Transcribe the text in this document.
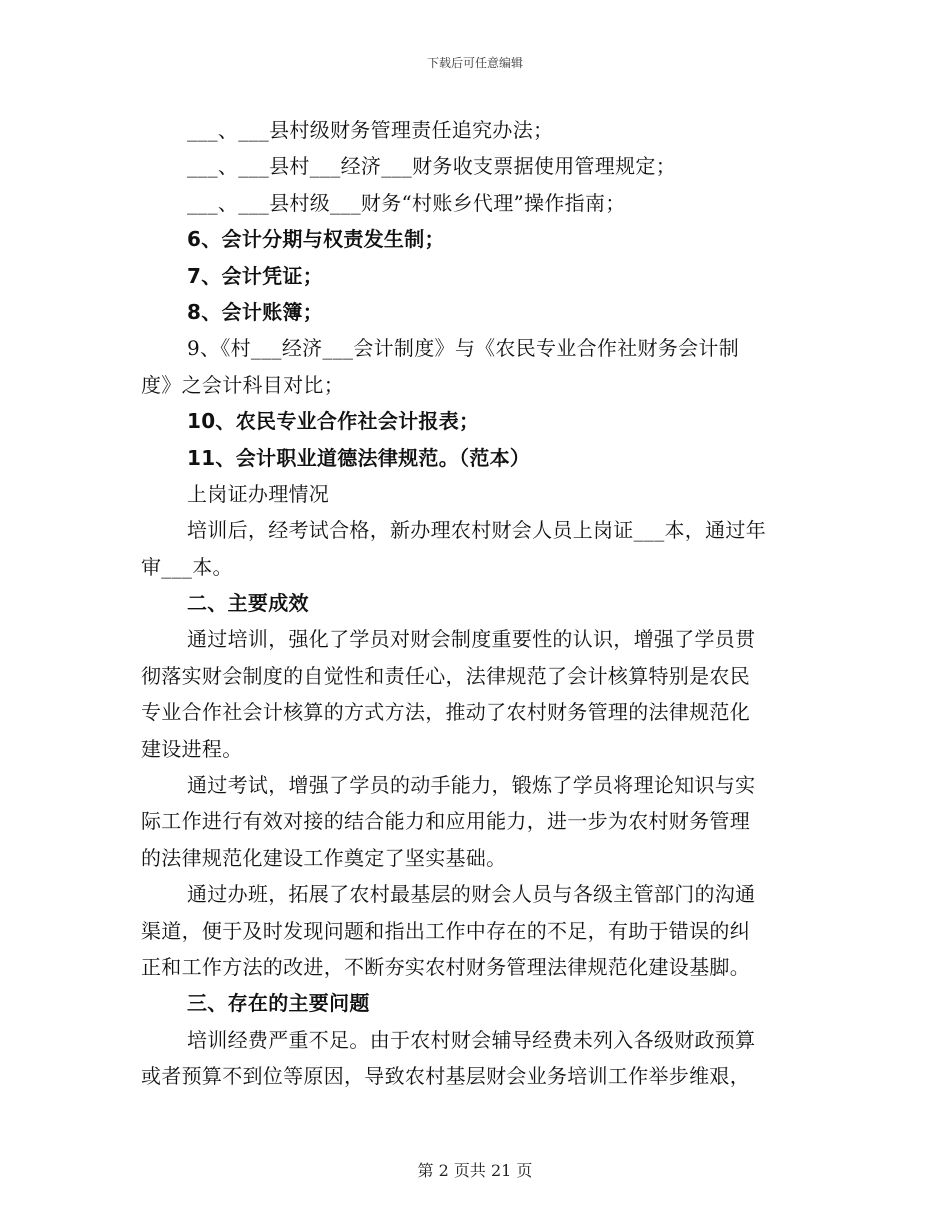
下载后可任意编辑
___、___县村级财务管理责任追究办法；
___、___县村___经济___财务收支票据使用管理规定；
___、___县村级___财务“村账乡代理”操作指南；
6、会计分期与权责发生制；
7、会计凭证；
8、会计账簿；
9、《村___经济___会计制度》与《农民专业合作社财务会计制
度》之会计科目对比；
10、农民专业合作社会计报表；
11、会计职业道德法律规范。（范本）
上岗证办理情况
培训后，经考试合格，新办理农村财会人员上岗证___本，通过年
审___本。
二、主要成效
通过培训，强化了学员对财会制度重要性的认识，增强了学员贯
彻落实财会制度的自觉性和责任心，法律规范了会计核算特别是农民
专业合作社会计核算的方式方法，推动了农村财务管理的法律规范化
建设进程。
通过考试，增强了学员的动手能力，锻炼了学员将理论知识与实
际工作进行有效对接的结合能力和应用能力，进一步为农村财务管理
的法律规范化建设工作奠定了坚实基础。
通过办班，拓展了农村最基层的财会人员与各级主管部门的沟通
渠道，便于及时发现问题和指出工作中存在的不足，有助于错误的纠
正和工作方法的改进，不断夯实农村财务管理法律规范化建设基脚。
三、存在的主要问题
培训经费严重不足。由于农村财会辅导经费未列入各级财政预算
或者预算不到位等原因，导致农村基层财会业务培训工作举步维艰，
第 2 页共 21 页
